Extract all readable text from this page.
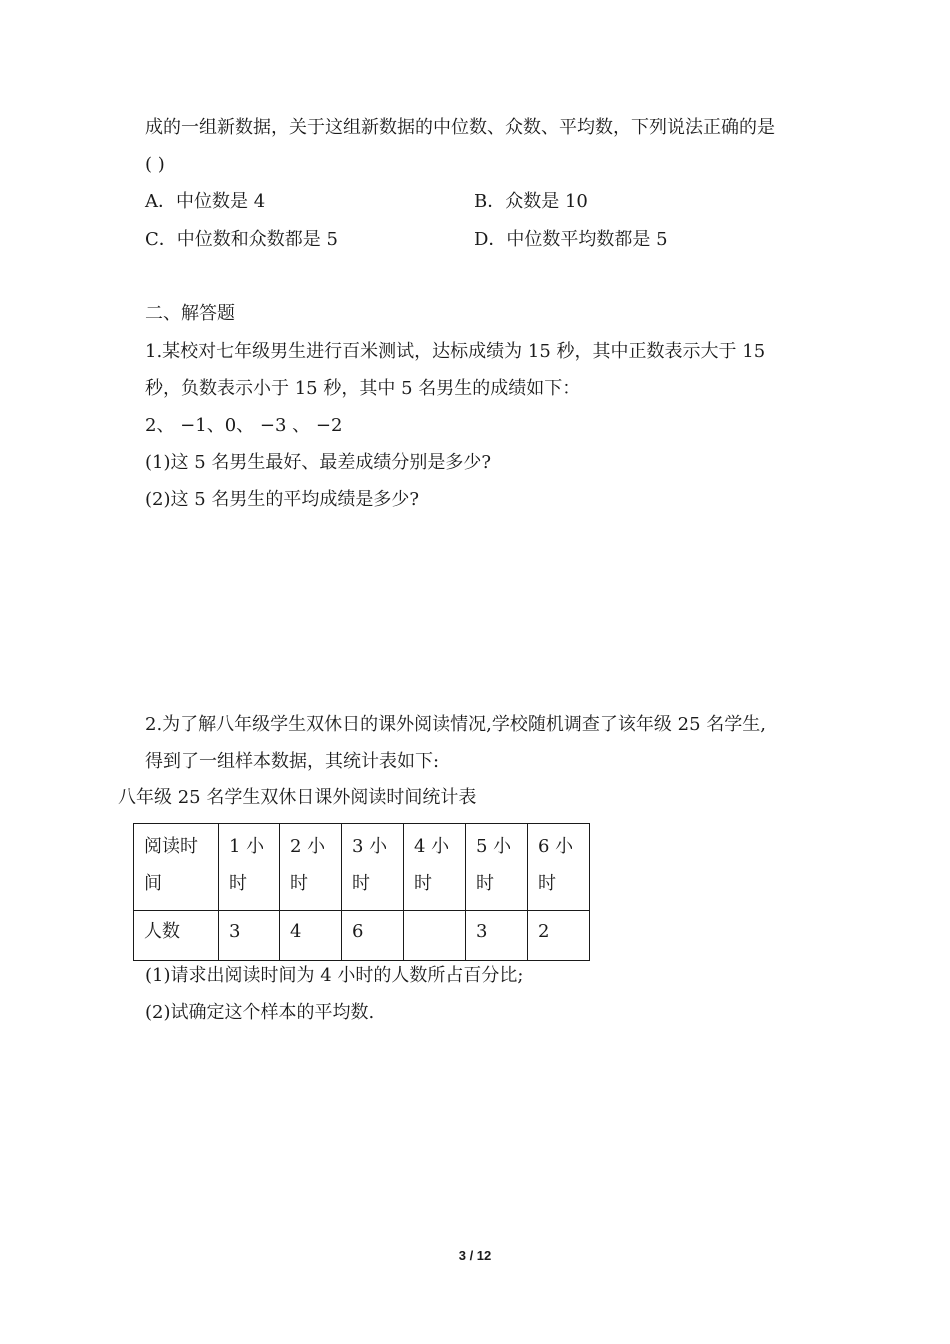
成的一组新数据，关于这组新数据的中位数、众数、平均数，下列说法正确的是
( )
A．中位数是 4	B．众数是 10
C．中位数和众数都是 5	D．中位数平均数都是 5
二、解答题
1.某校对七年级男生进行百米测试，达标成绩为 15 秒，其中正数表示大于 15
秒，负数表示小于 15 秒，其中 5 名男生的成绩如下：
2、 −1、0、 −3 、 −2
(1)这 5 名男生最好、最差成绩分别是多少?
(2)这 5 名男生的平均成绩是多少?
2.为了解八年级学生双休日的课外阅读情况,学校随机调查了该年级 25 名学生,
得到了一组样本数据，其统计表如下:
八年级 25 名学生双休日课外阅读时间统计表
阅读时间	1 小时	2 小时	3 小时	4 小时	5 小时	6 小时
人数	3	4	6		3	2
(1)请求出阅读时间为 4 小时的人数所占百分比;
(2)试确定这个样本的平均数.
3 / 12
